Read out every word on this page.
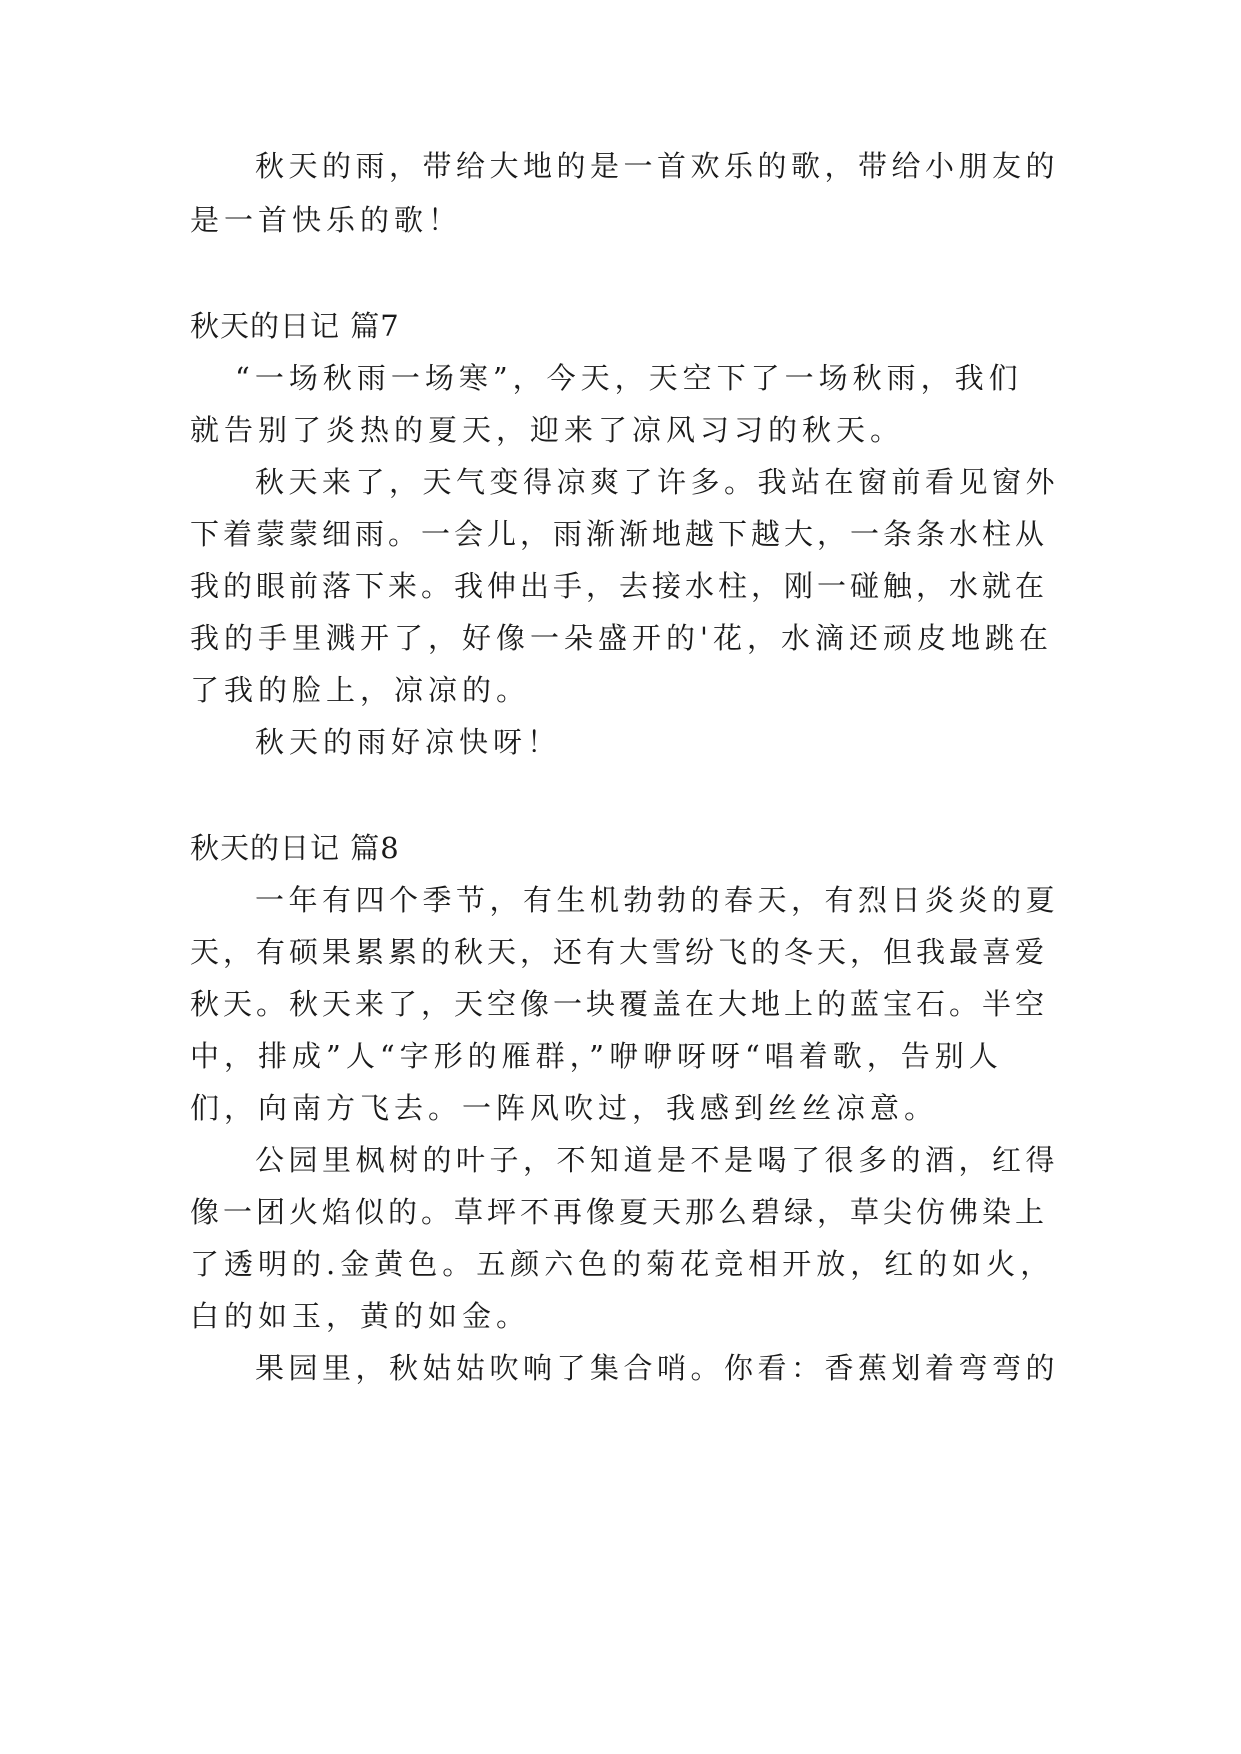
秋天的雨，带给大地的是一首欢乐的歌，带给小朋友的
是一首快乐的歌！
秋天的日记 篇7
“一场秋雨一场寒”，今天，天空下了一场秋雨，我们
就告别了炎热的夏天，迎来了凉风习习的秋天。
秋天来了，天气变得凉爽了许多。我站在窗前看见窗外
下着蒙蒙细雨。一会儿，雨渐渐地越下越大，一条条水柱从
我的眼前落下来。我伸出手，去接水柱，刚一碰触，水就在
我的手里溅开了，好像一朵盛开的'花，水滴还顽皮地跳在
了我的脸上，凉凉的。
秋天的雨好凉快呀！
秋天的日记 篇8
一年有四个季节，有生机勃勃的春天，有烈日炎炎的夏
天，有硕果累累的秋天，还有大雪纷飞的冬天，但我最喜爱
秋天。秋天来了，天空像一块覆盖在大地上的蓝宝石。半空
中，排成”人“字形的雁群，”咿咿呀呀“唱着歌，告别人
们，向南方飞去。一阵风吹过，我感到丝丝凉意。
公园里枫树的叶子，不知道是不是喝了很多的酒，红得
像一团火焰似的。草坪不再像夏天那么碧绿，草尖仿佛染上
了透明的.金黄色。五颜六色的菊花竞相开放，红的如火，
白的如玉，黄的如金。
果园里，秋姑姑吹响了集合哨。你看：香蕉划着弯弯的
